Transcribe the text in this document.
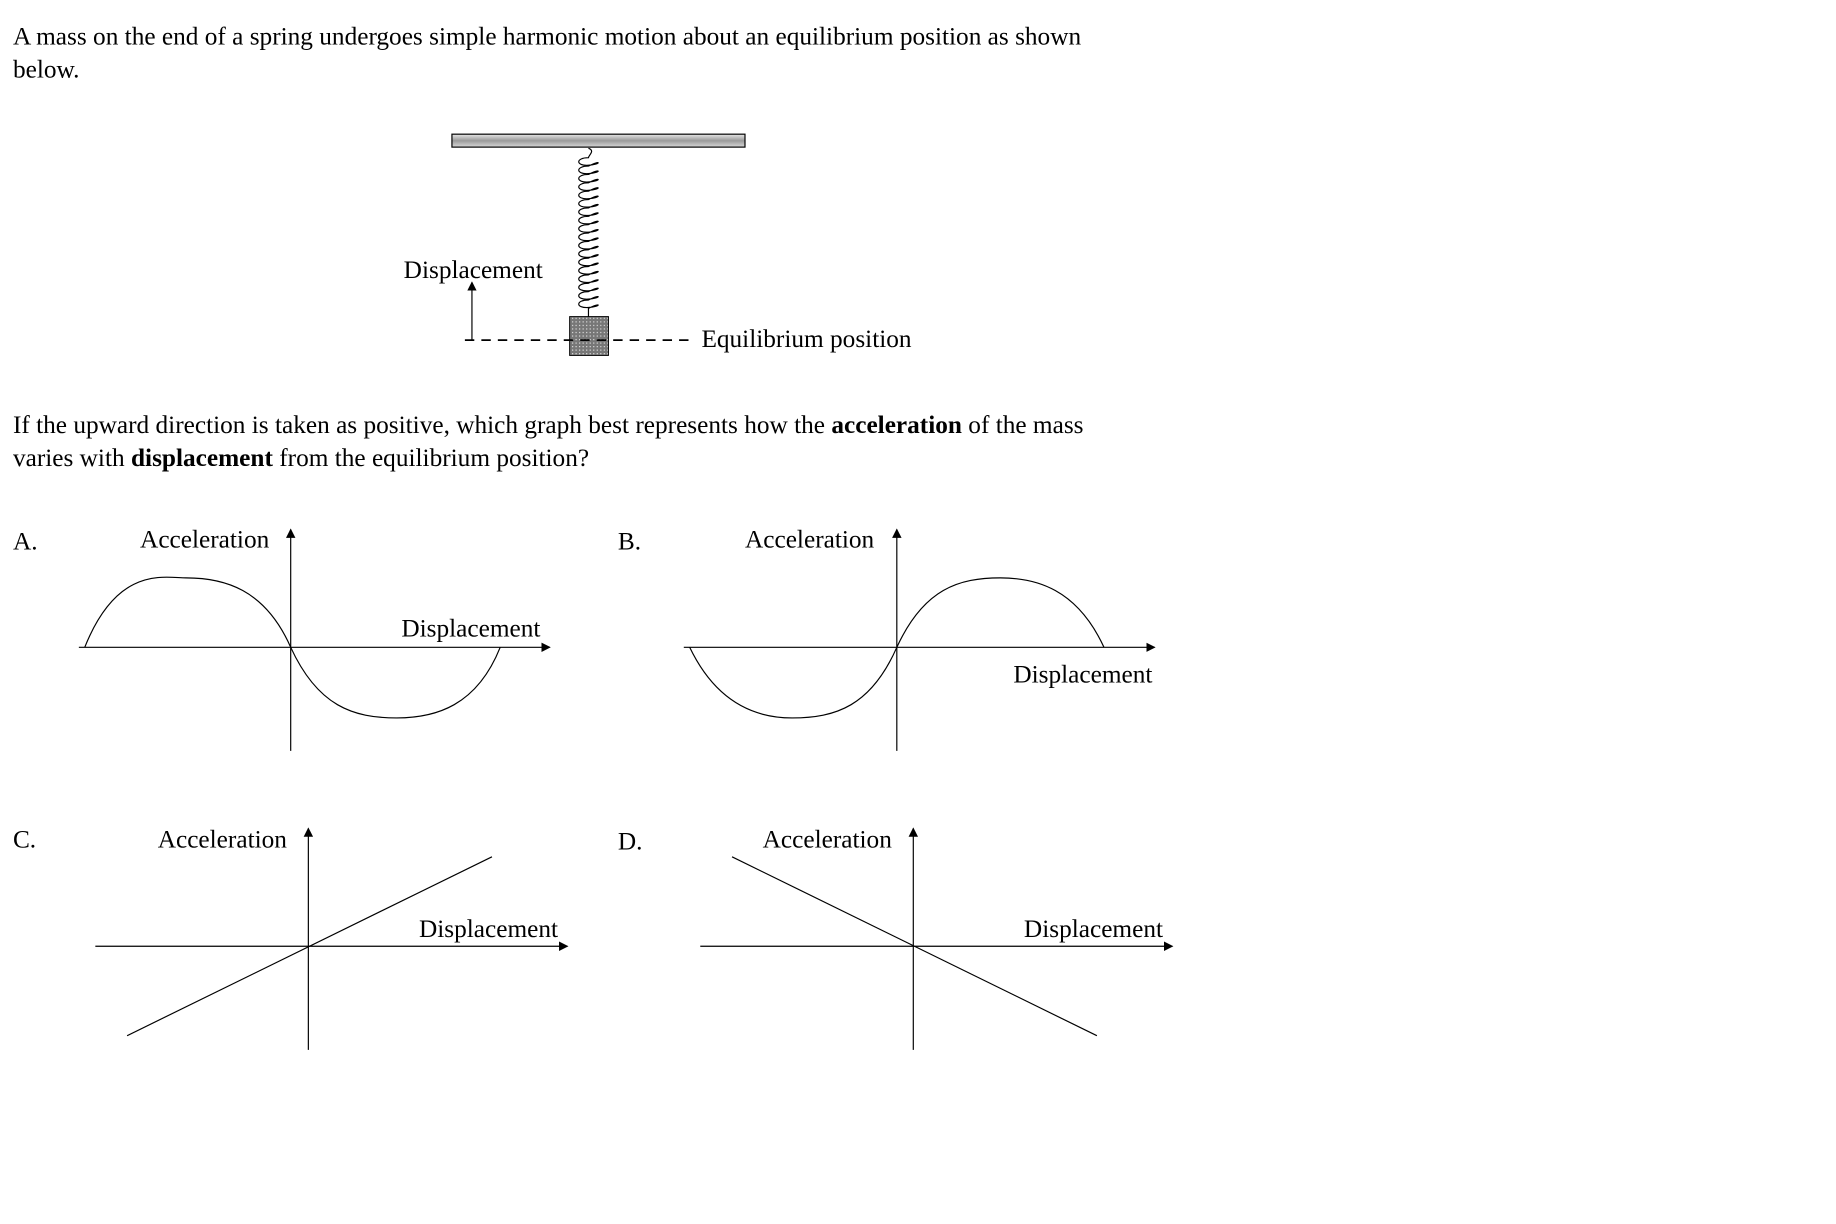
A mass on the end of a spring undergoes simple harmonic motion about an equilibrium position as shown
below.
Displacement
Equilibrium position
If the upward direction is taken as positive, which graph best represents how the acceleration of the mass
varies with displacement from the equilibrium position?
A.	Acceleration
Displacement
B.	Acceleration
Displacement
C.	Acceleration
Displacement
D.	Acceleration
Displacement
